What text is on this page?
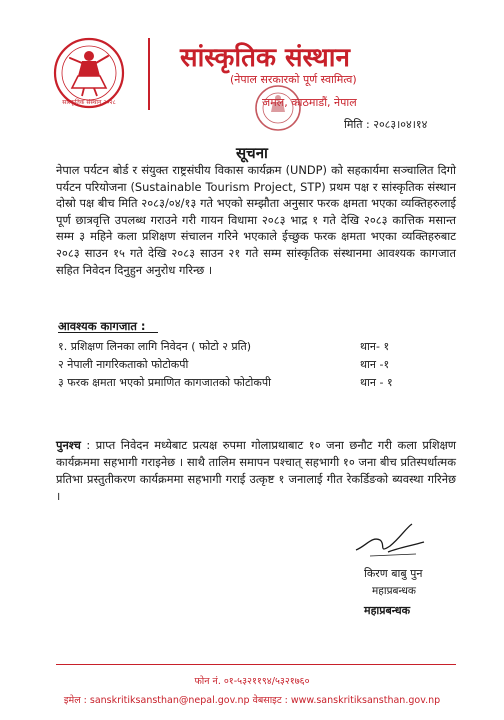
सांस्कृतिक संस्थान २०२८
सांस्कृतिक संस्थान
(नेपाल सरकारको पूर्ण स्वामित्व)
जमल, काठमाडौं, नेपाल
मिति : २०८३।०४।१४
सूचना
नेपाल पर्यटन बोर्ड र संयुक्त राष्ट्रसंघीय विकास कार्यक्रम (UNDP) को सहकार्यमा सञ्चालित दिगो पर्यटन परियोजना (Sustainable Tourism Project, STP) प्रथम पक्ष र सांस्कृतिक संस्थान दोस्रो पक्ष बीच मिति २०८३/०४/१३ गते भएको सम्झौता अनुसार फरक क्षमता भएका व्यक्तिहरुलाई पूर्ण छात्रवृत्ति उपलब्ध गराउने गरी गायन विधामा २०८३ भाद्र १ गते देखि २०८३ कात्तिक मसान्त सम्म ३ महिने कला प्रशिक्षण संचालन गरिने भएकाले ईच्छुक फरक क्षमता भएका व्यक्तिहरुबाट २०८३ साउन १५ गते देखि २०८३ साउन २१ गते सम्म सांस्कृतिक संस्थानमा आवश्यक कागजात सहित निवेदन दिनुहुन अनुरोध गरिन्छ ।
आवश्यक कागजात :
१. प्रशिक्षण लिनका लागि निवेदन ( फोटो २ प्रति)	थान- १
२ नेपाली नागरिकताको फोटोकपी	थान -१
३ फरक क्षमता भएको प्रमाणित कागजातको फोटोकपी	थान - १
पुनश्च : प्राप्त निवेदन मध्येबाट प्रत्यक्ष रुपमा गोलाप्रथाबाट १० जना छनौट गरी कला प्रशिक्षण कार्यक्रममा सहभागी गराइनेछ । साथै तालिम समापन पश्चात् सहभागी १० जना बीच प्रतिस्पर्धात्मक प्रतिभा प्रस्तुतीकरण कार्यक्रममा सहभागी गराई उत्कृष्ट १ जनालाई गीत रेकर्डिङको ब्यवस्था गरिनेछ ।
किरण बाबु पुन
महाप्रबन्धक
महाप्रबन्धक
फोन नं. ०१-५३२११९४/५३२१७६०
इमेल : sanskritiksansthan@nepal.gov.np वेबसाइट : www.sanskritiksansthan.gov.np
